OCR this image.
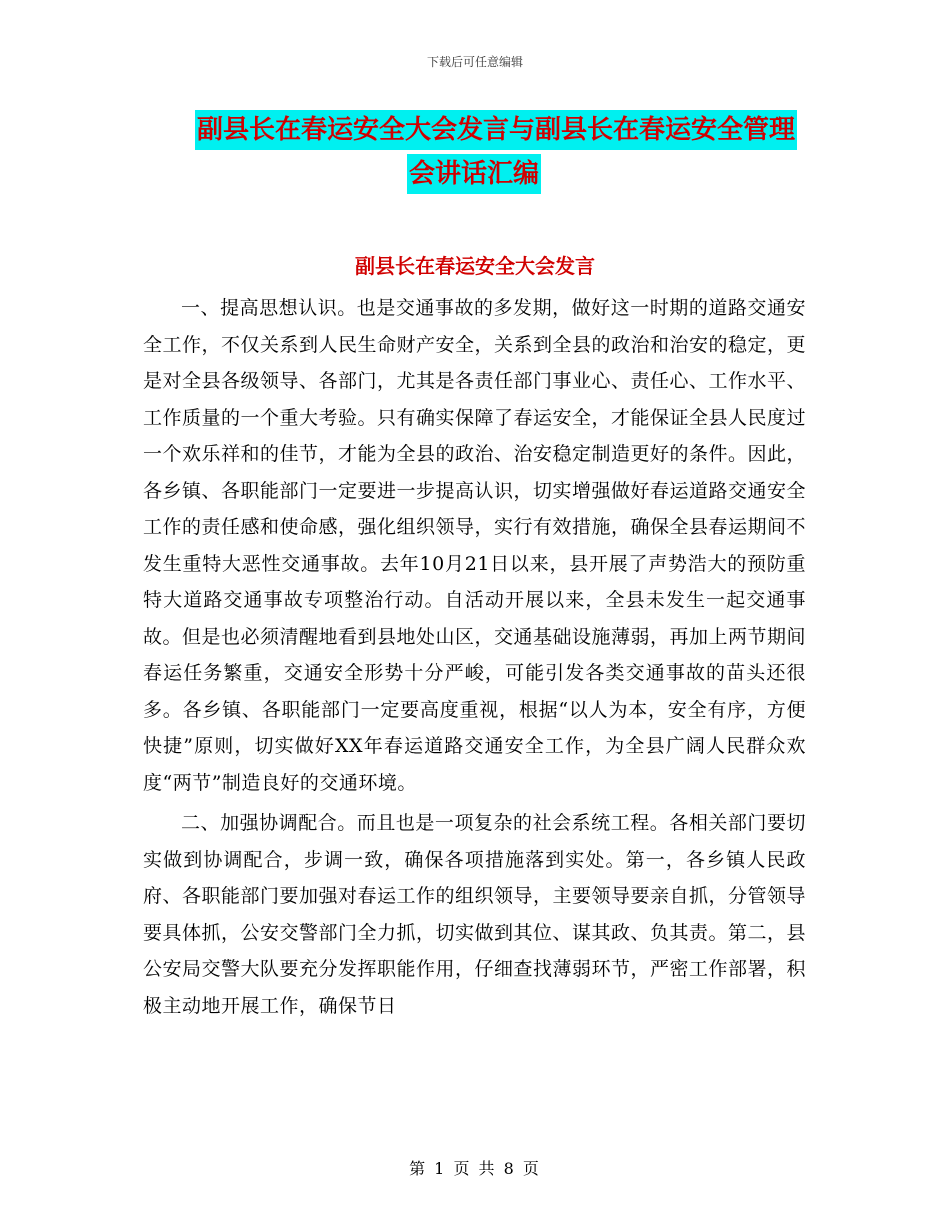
下载后可任意编辑
副县长在春运安全大会发言与副县长在春运安全管理
会讲话汇编
副县长在春运安全大会发言

一、提高思想认识。也是交通事故的多发期，做好这一时期的道路交通安全工作，不仅关系到人民生命财产安全，关系到全县的政治和治安的稳定，更是对全县各级领导、各部门，尤其是各责任部门事业心、责任心、工作水平、工作质量的一个重大考验。只有确实保障了春运安全，才能保证全县人民度过一个欢乐祥和的佳节，才能为全县的政治、治安稳定制造更好的条件。因此，各乡镇、各职能部门一定要进一步提高认识，切实增强做好春运道路交通安全工作的责任感和使命感，强化组织领导，实行有效措施，确保全县春运期间不发生重特大恶性交通事故。去年10月21日以来，县开展了声势浩大的预防重特大道路交通事故专项整治行动。自活动开展以来，全县未发生一起交通事故。但是也必须清醒地看到县地处山区，交通基础设施薄弱，再加上两节期间春运任务繁重，交通安全形势十分严峻，可能引发各类交通事故的苗头还很多。各乡镇、各职能部门一定要高度重视，根据“以人为本，安全有序，方便快捷”原则，切实做好XX年春运道路交通安全工作，为全县广阔人民群众欢度“两节”制造良好的交通环境。

二、加强协调配合。而且也是一项复杂的社会系统工程。各相关部门要切实做到协调配合，步调一致，确保各项措施落到实处。第一，各乡镇人民政府、各职能部门要加强对春运工作的组织领导，主要领导要亲自抓，分管领导要具体抓，公安交警部门全力抓，切实做到其位、谋其政、负其责。第二，县公安局交警大队要充分发挥职能作用，仔细查找薄弱环节，严密工作部署，积极主动地开展工作，确保节日

第 1 页 共 8 页
